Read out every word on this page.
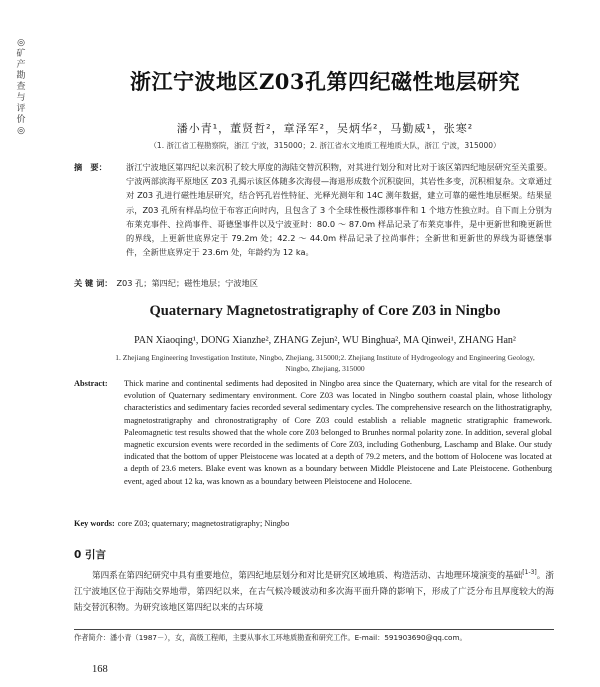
◎
矿
产
勘
查
与
评
价
◎
浙江宁波地区Z03孔第四纪磁性地层研究
潘小青¹，董贤哲²，章泽军²，吴炳华²，马勤威¹，张寒²
（1. 浙江省工程勘察院，浙江 宁波，315000；2. 浙江省水文地质工程地质大队，浙江 宁波，315000）
摘　要：	浙江宁波地区第四纪以来沉积了较大厚度的海陆交替沉积物，对其进行划分和对比对于该区第四纪地层研究至关重要。宁波两部滨海平原地区 Z03 孔揭示该区体随多次海侵—海退形成数个沉积旋回，其岩性多变，沉积相复杂。文章通过对 Z03 孔进行磁性地层研究，结合钙孔岩性特征、光释光测年和 14C 测年数据，建立可靠的磁性地层框架。结果显示，Z03 孔所有样品均位于布容正向时内，且包含了 3 个全球性极性漂移事件和 1 个地方性独立时。自下而上分别为布莱克事件、拉尚事件、哥德堡事件以及宁波亚时：80.0 ～ 87.0m 样品记录了布莱克事件，是中更新世和晚更新世的界线，上更新世底界定于 79.2m 处；42.2 ～ 44.0m 样品记录了拉尚事件；全新世和更新世的界线为哥德堡事件，全新世底界定于 23.6m 处，年龄约为 12 ka。
关 键 词： Z03 孔；第四纪；磁性地层；宁波地区
Quaternary Magnetostratigraphy of Core Z03 in Ningbo
PAN Xiaoqing¹, DONG Xianzhe², ZHANG Zejun², WU Binghua², MA Qinwei¹, ZHANG Han²
1. Zhejiang Engineering Investigation Institute, Ningbo, Zhejiang, 315000;2. Zhejiang Institute of Hydrogeology and Engineering Geology, Ningbo, Zhejiang, 315000
Abstract: Thick marine and continental sediments had deposited in Ningbo area since the Quaternary, which are vital for the research of evolution of Quaternary sedimentary environment. Core Z03 was located in Ningbo southern coastal plain, whose lithology characteristics and sedimentary facies recorded several sedimentary cycles. The comprehensive research on the lithostratigraphy, magnetostratigraphy and chronostratigraphy of Core Z03 could establish a reliable magnetic stratigraphic framework. Paleomagnetic test results showed that the whole core Z03 belonged to Brunhes normal polarity zone. In addition, several global magnetic excursion events were recorded in the sediments of Core Z03, including Gothenburg, Laschamp and Blake. Our study indicated that the bottom of upper Pleistocene was located at a depth of 79.2 meters, and the bottom of Holocene was located at a depth of 23.6 meters. Blake event was known as a boundary between Middle Pleistocene and Late Pleistocene. Gothenburg event, aged about 12 ka, was known as a boundary between Pleistocene and Holocene.
Key words: core Z03; quaternary; magnetostratigraphy; Ningbo
0 引言
第四系在第四纪研究中具有重要地位，第四纪地层划分和对比是研究区域地质、构造活动、古地理环境演变的基础[1-3]。浙江宁波地区位于海陆交界地带，第四纪以来，在古气候冷暖波动和多次海平面升降的影响下，形成了广泛分布且厚度较大的海陆交替沉积物。为研究该地区第四纪以来的古环境
作者简介：潘小青（1987－），女，高级工程师，主要从事水工环地质勘查和研究工作。E-mail：591903690@qq.com。
168
